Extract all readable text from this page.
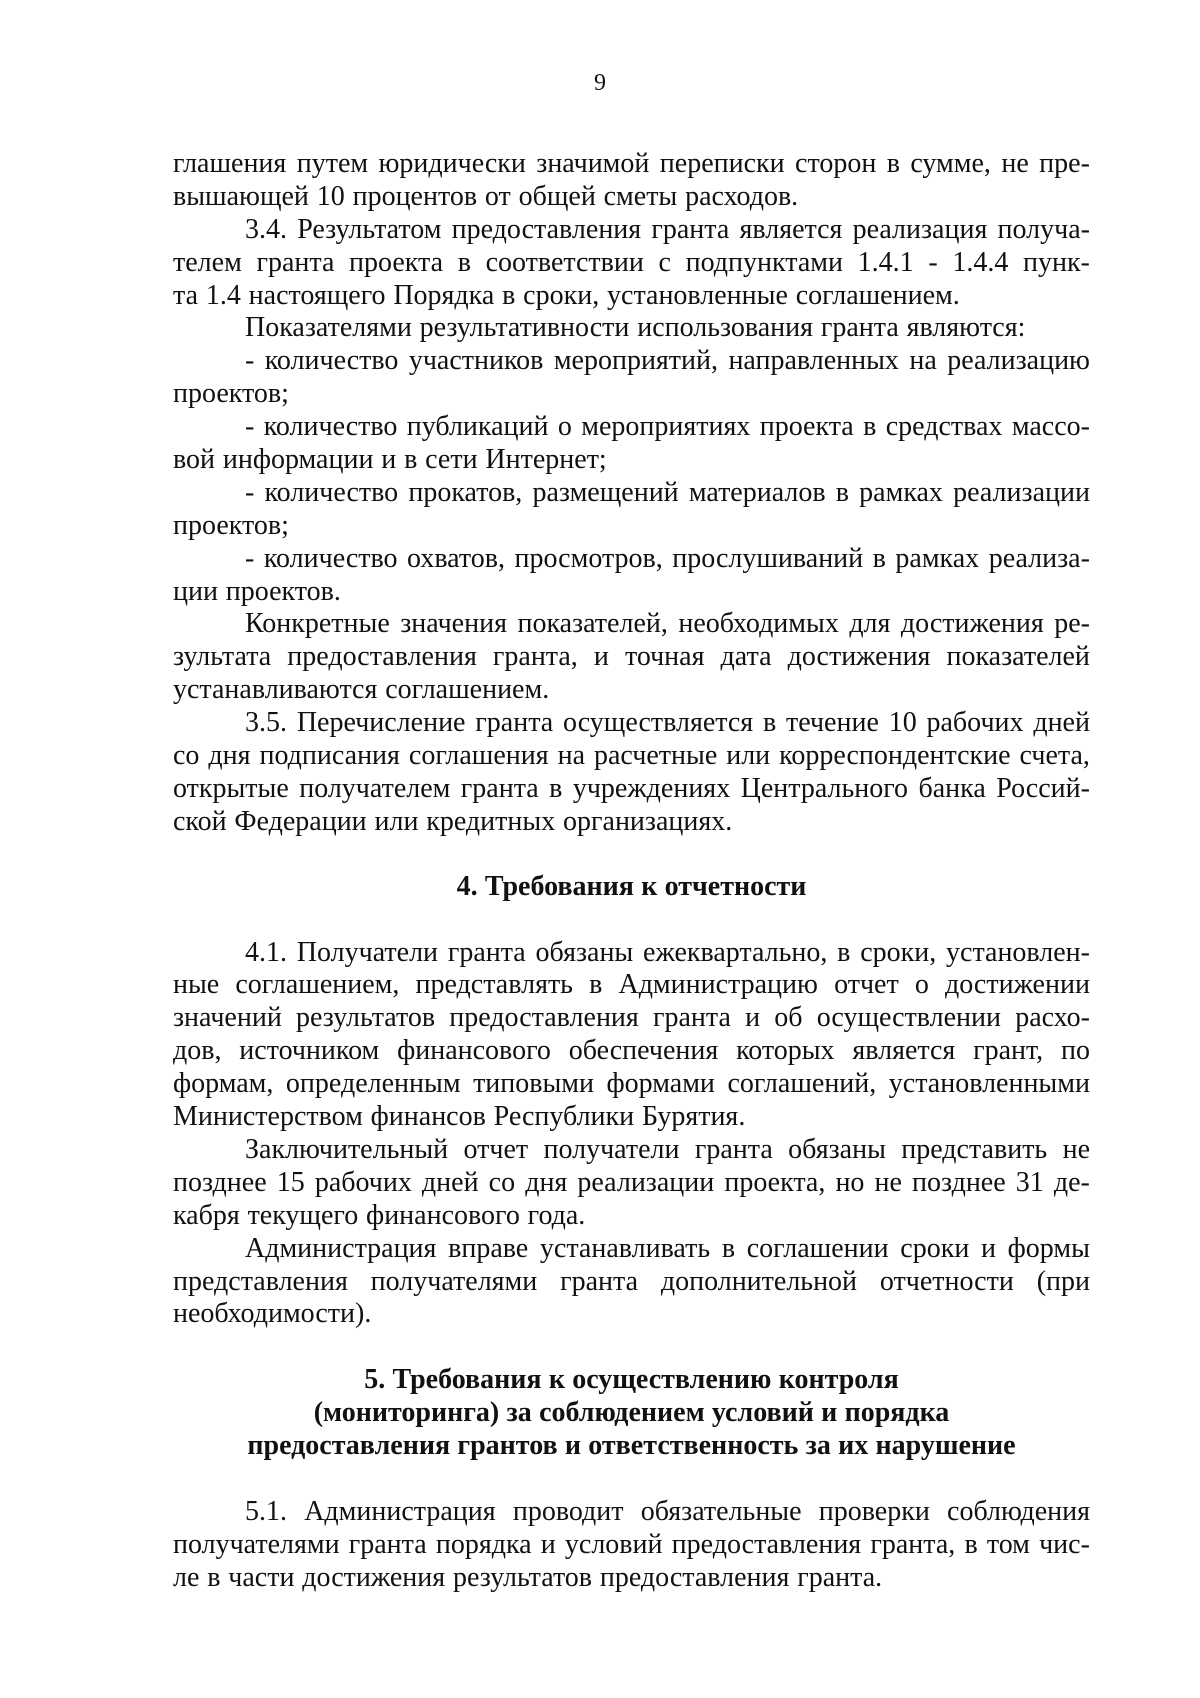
9
глашения путем юридически значимой переписки сторон в сумме, не пре-
вышающей 10 процентов от общей сметы расходов.
3.4. Результатом предоставления гранта является реализация получа-
телем гранта проекта в соответствии с подпунктами 1.4.1 - 1.4.4 пунк-
та 1.4 настоящего Порядка в сроки, установленные соглашением.
Показателями результативности использования гранта являются:
- количество участников мероприятий, направленных на реализацию
проектов;
- количество публикаций о мероприятиях проекта в средствах массо-
вой информации и в сети Интернет;
- количество прокатов, размещений материалов в рамках реализации
проектов;
- количество охватов, просмотров, прослушиваний в рамках реализа-
ции проектов.
Конкретные значения показателей, необходимых для достижения ре-
зультата предоставления гранта, и точная дата достижения показателей
устанавливаются соглашением.
3.5. Перечисление гранта осуществляется в течение 10 рабочих дней
со дня подписания соглашения на расчетные или корреспондентские счета,
открытые получателем гранта в учреждениях Центрального банка Россий-
ской Федерации или кредитных организациях.
4. Требования к отчетности
4.1. Получатели гранта обязаны ежеквартально, в сроки, установлен-
ные соглашением, представлять в Администрацию отчет о достижении
значений результатов предоставления гранта и об осуществлении расхо-
дов, источником финансового обеспечения которых является грант, по
формам, определенным типовыми формами соглашений, установленными
Министерством финансов Республики Бурятия.
Заключительный отчет получатели гранта обязаны представить не
позднее 15 рабочих дней со дня реализации проекта, но не позднее 31 де-
кабря текущего финансового года.
Администрация вправе устанавливать в соглашении сроки и формы
представления получателями гранта дополнительной отчетности (при
необходимости).
5. Требования к осуществлению контроля
(мониторинга) за соблюдением условий и порядка
предоставления грантов и ответственность за их нарушение
5.1. Администрация проводит обязательные проверки соблюдения
получателями гранта порядка и условий предоставления гранта, в том чис-
ле в части достижения результатов предоставления гранта.
